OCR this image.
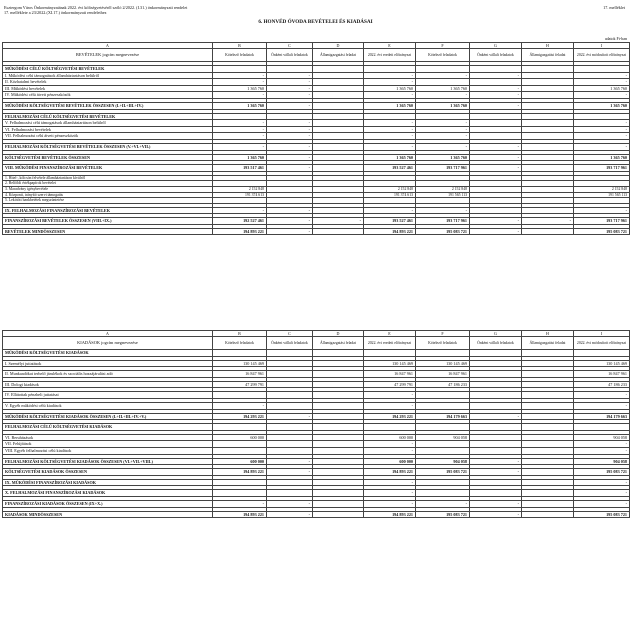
Esztergom Város Önkormányzatának 2022. évi költségvetéséről szóló 2/2022. (I.31.) önkormányzati rendelet
17. melléklete a 23/2022.(XI.17.) önkormányzati rendelethez
17. melléklet
6. HONVÉD ÓVODA BEVÉTELEI ÉS KIADÁSAI
adatok Ft-ban
A	B	C	D	E	F	G	H	I
BEVÉTELEK jogcím megnevezése	Kötelező feladatok	Önként vállalt feladatok	Államigazgatási feladat	2022. évi eredeti előirányzat	Kötelező feladatok	Önként vállalt feladatok	Államigazgatási feladat	2022. évi módosított előirányzat

MŰKÖDÉSI CÉLÚ KÖLTSÉGVETÉSI BEVÉTELEK								
I. Működési célú támogatások államháztartáson belülről	-	-		-	-	-		-
II. Közhatalmi bevételek	-	-		-				-
III. Működési bevételek	1 365 760	-		1 365 760	1 365 760	-		1 365 760
IV. Működési célú átvett pénzeszközök	-	-		-	-	-		-

MŰKÖDÉSI KÖLTSÉGVETÉSI BEVÉTELEK ÖSSZESEN (I.+II.+III.+IV.)	1 365 760	-		1 365 760	1 365 760	-		1 365 760

FELHALMOZÁSI CÉLÚ KÖLTSÉGVETÉSI BEVÉTELEK								
V. Felhalmozási célú támogatások államháztartáson belülről	-	-		-	-			-
VI. Felhalmozási bevételek	-	-		-	-			-
VII. Felhalmozási célú átvett pénzeszközök	-	-		-	-			-

FELHALMOZÁSI KÖLTSÉGVETÉSI BEVÉTELEK ÖSSZESEN (V.+VI.+VII.)	-	-		-	-	-		-

KÖLTSÉGVETÉSI BEVÉTELEK ÖSSZESEN	1 365 760	-		1 365 760	1 365 760	-		1 365 760

VIII. MŰKÖDÉSI FINANSZÍROZÁSI BEVÉTELEK	193 517 461	-		193 527 461	193 717 961	-		193 717 961

1. Hitel-, kölcsön felvétele államháztartáson kívülről								
2. Belföldi értékpapírok bevételei								
3. Maradvány igénybevétele	2 152 848			2 152 848	2 152 848			2 152 848
4. Központi, irányító szervi támogatás	191 374 613			191 374 613	191 565 113			191 565 113
5. Lekötött bankbetétek megszüntetése								

IX. FELHALMOZÁSI FINANSZÍROZÁSI BEVÉTELEK	-	-		-	-			-

FINANSZÍROZÁSI BEVÉTELEK ÖSSZESEN (VIII.+IX.)	192 527 461	-	-	193 527 461	193 717 961	-	-	193 717 961

BEVÉTELEK MINDÖSSZESEN	194 893 221	-		194 893 221	195 083 721	-		195 083 721
A	B	C	D	E	F	G	H	I
KIADÁSOK jogcím megnevezése	Kötelező feladatok	Önként vállalt feladatok	Államigazgatási feladat	2022. évi eredeti előirányzat	Kötelező feladatok	Önként vállalt feladatok	Államigazgatási feladat	2022. évi módosított előirányzat
MŰKÖDÉSI KÖLTSÉGVETÉSI KIADÁSOK								

I. Személyi juttatások	130 145 469			130 145 469	130 145 469			130 145 469

II. Munkaadókat terhelő járulékok és szociális hozzájárulási adó	16 847 961			16 847 961	16 847 961			16 847 961

III. Dologi kiadások	47 299 791			47 299 791	47 186 233			47 186 233

IV. Ellátottak pénzbeli juttatásai				-				-

V. Egyéb működési célú kiadások	-			-				-

MŰKÖDÉSI KÖLTSÉGVETÉSI KIADÁSOK ÖSSZESEN (I.+II.+III.+IV.+V.)	194 293 221	-		194 293 221	194 179 663	-		194 179 663

FELHALMOZÁSI CÉLÚ KÖLTSÉGVETÉSI KIADÁSOK								

VI. Beruházások	600 000			600 000	904 058			904 058
VII. Felújítások				-				-
VIII. Egyéb felhalmozási célú kiadások				-				-

FELHALMOZÁSI KÖLTSÉGVETÉSI KIADÁSOK ÖSSZESEN (VI.+VII.+VIII.)	600 000	-		600 000	904 058	-		904 058

KÖLTSÉGVETÉSI KIADÁSOK ÖSSZESEN	194 893 221	-		194 893 221	195 083 721	-		195 083 721

IX. MŰKÖDÉSI FINANSZÍROZÁSI KIADÁSOK				-				-

X. FELHALMOZÁSI FINANSZÍROZÁSI KIADÁSOK				-				-

FINANSZÍROZÁSI KIADÁSOK ÖSSZESEN (IX+X.)	-	-		-	-	-		-

KIADÁSOK MINDÖSSZESEN	194 893 221	-		194 893 221	195 083 721	-		195 083 721
